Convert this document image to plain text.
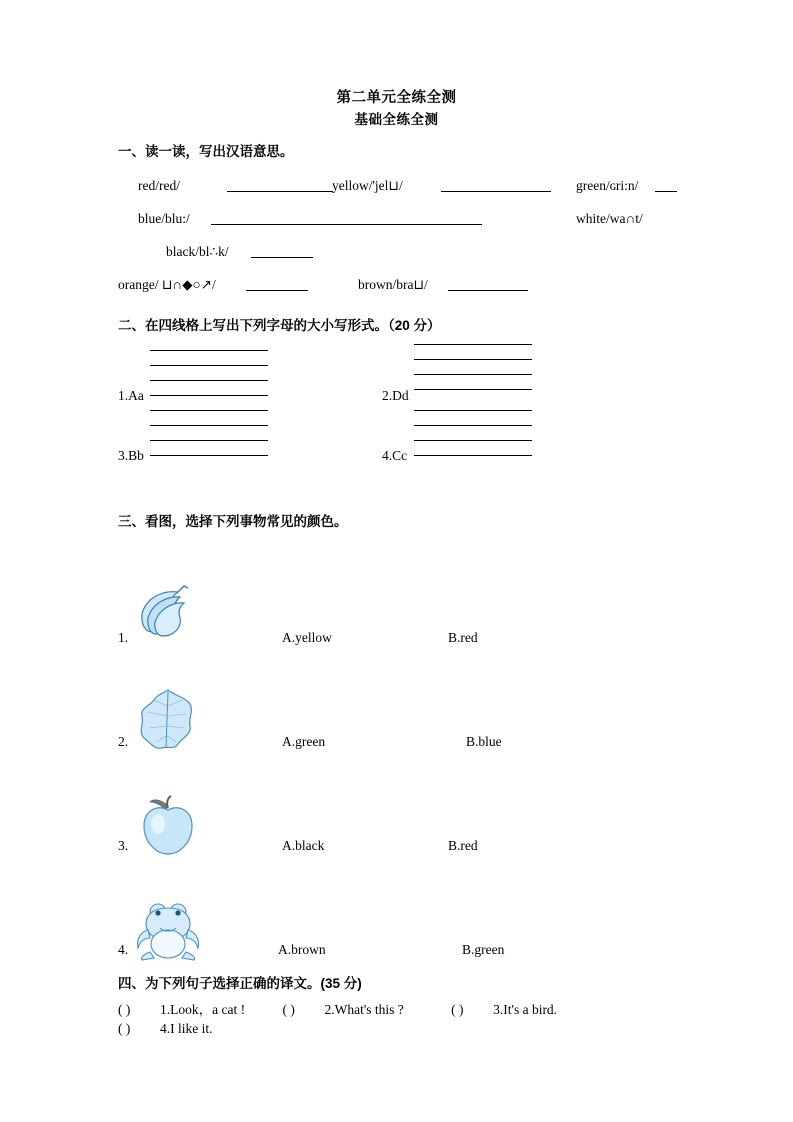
第二单元全练全测
基础全练全测
一、读一读，写出汉语意思。
red/red/	yellow/'jel⊔/	green/ɢri:n/
blue/blu:/	white/wa∩t/
black/bl∴k/
orange/ ⊔∩◆○↗/	brown/bra⊔/
二、在四线格上写出下列字母的大小写形式。（20 分）
1.Aa	2.Dd
3.Bb	4.Cc
三、看图，选择下列事物常见的颜色。
1.	A.yellow	B.red
2.	A.green	B.blue
3.	A.black	B.red
4.	A.brown	B.green
四、为下列句子选择正确的译文。(35 分)
( ) 1.Look，a cat !	( ) 2.What's this ?	( ) 3.It's a bird.
( ) 4.I like it.
